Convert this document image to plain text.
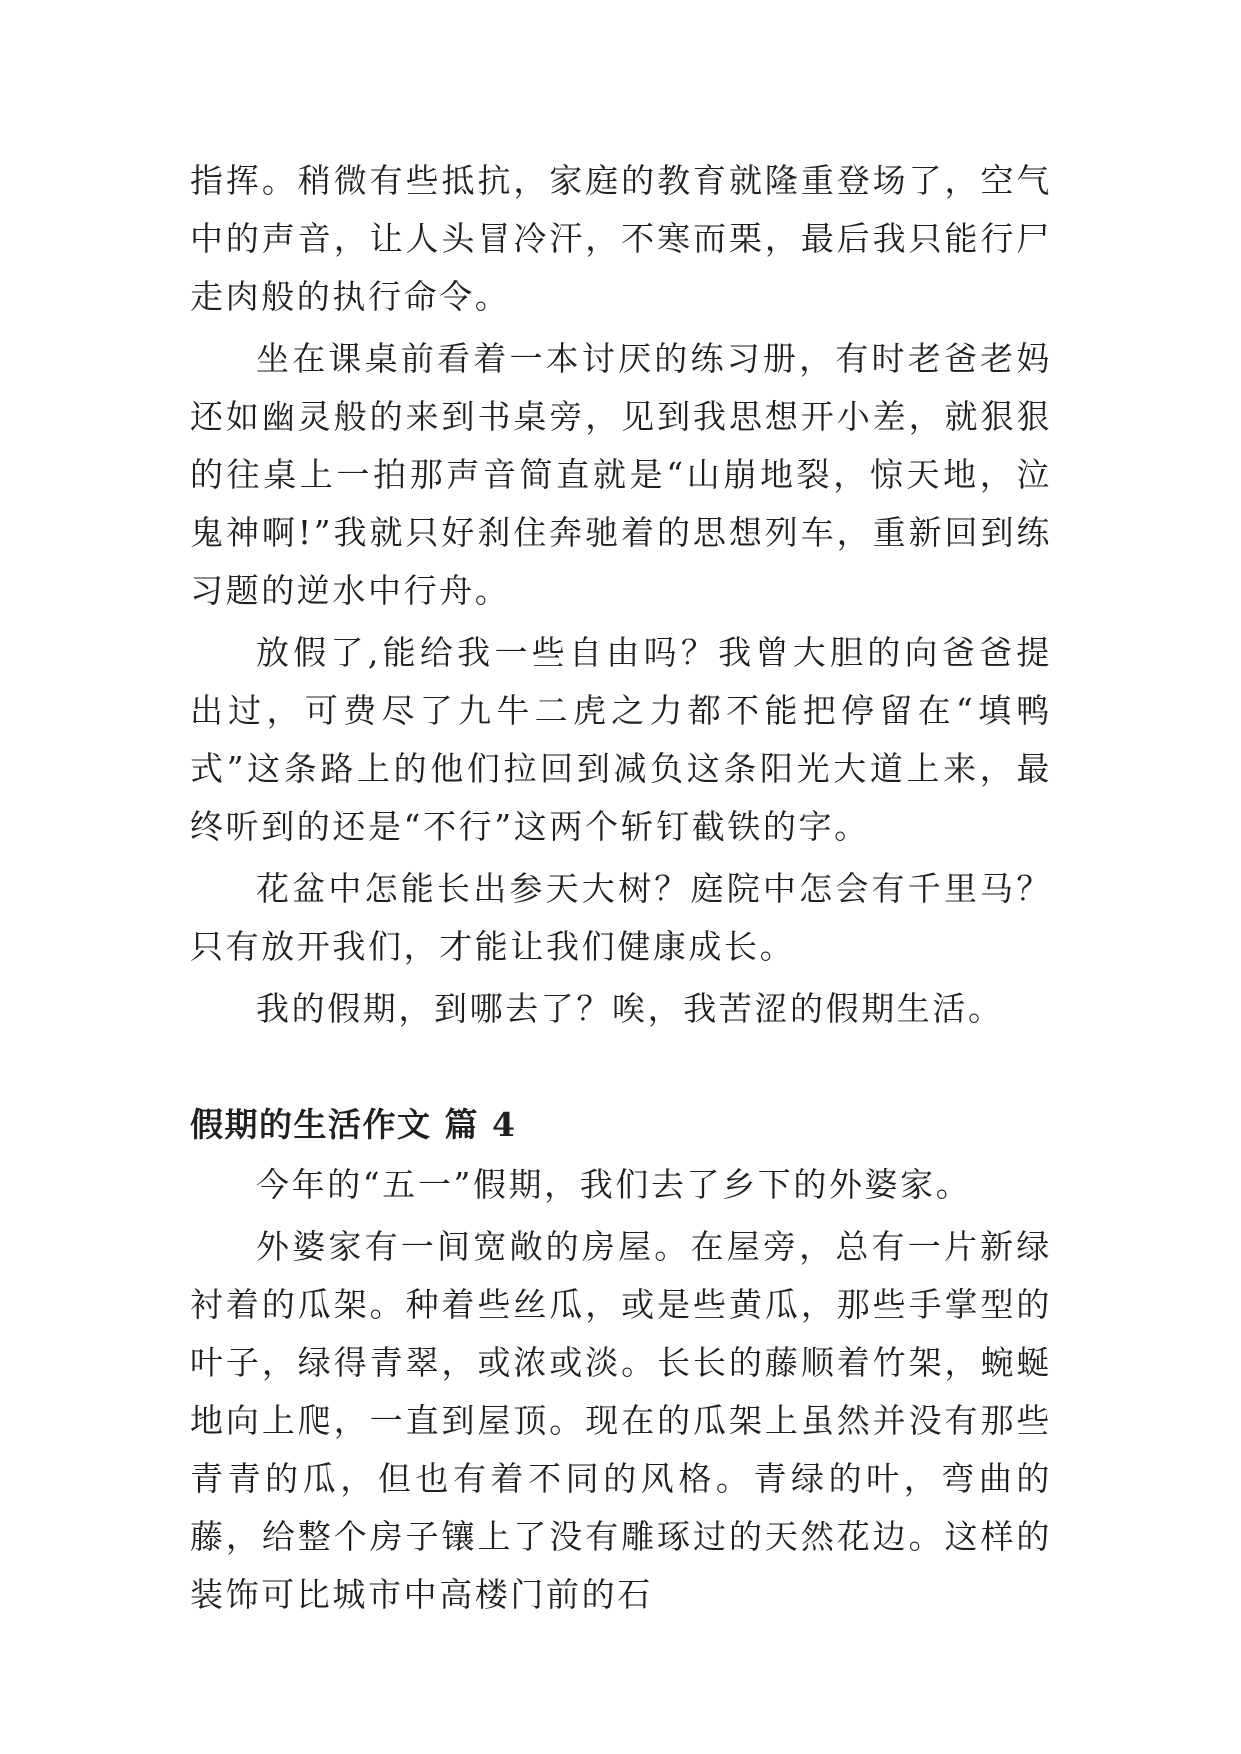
指挥。稍微有些抵抗，家庭的教育就隆重登场了，空气中的声音，让人头冒冷汗，不寒而栗，最后我只能行尸走肉般的执行命令。

坐在课桌前看着一本讨厌的练习册，有时老爸老妈还如幽灵般的来到书桌旁，见到我思想开小差，就狠狠的往桌上一拍那声音简直就是“山崩地裂，惊天地，泣鬼神啊!”我就只好刹住奔驰着的思想列车，重新回到练习题的逆水中行舟。

放假了,能给我一些自由吗？我曾大胆的向爸爸提出过，可费尽了九牛二虎之力都不能把停留在“填鸭式”这条路上的他们拉回到减负这条阳光大道上来，最终听到的还是“不行”这两个斩钉截铁的字。

花盆中怎能长出参天大树？庭院中怎会有千里马？只有放开我们，才能让我们健康成长。

我的假期，到哪去了？唉，我苦涩的假期生活。

假期的生活作文 篇 4

今年的“五一”假期，我们去了乡下的外婆家。

外婆家有一间宽敞的房屋。在屋旁，总有一片新绿衬着的瓜架。种着些丝瓜，或是些黄瓜，那些手掌型的叶子，绿得青翠，或浓或淡。长长的藤顺着竹架，蜿蜒地向上爬，一直到屋顶。现在的瓜架上虽然并没有那些青青的瓜，但也有着不同的风格。青绿的叶，弯曲的藤，给整个房子镶上了没有雕琢过的天然花边。这样的装饰可比城市中高楼门前的石
